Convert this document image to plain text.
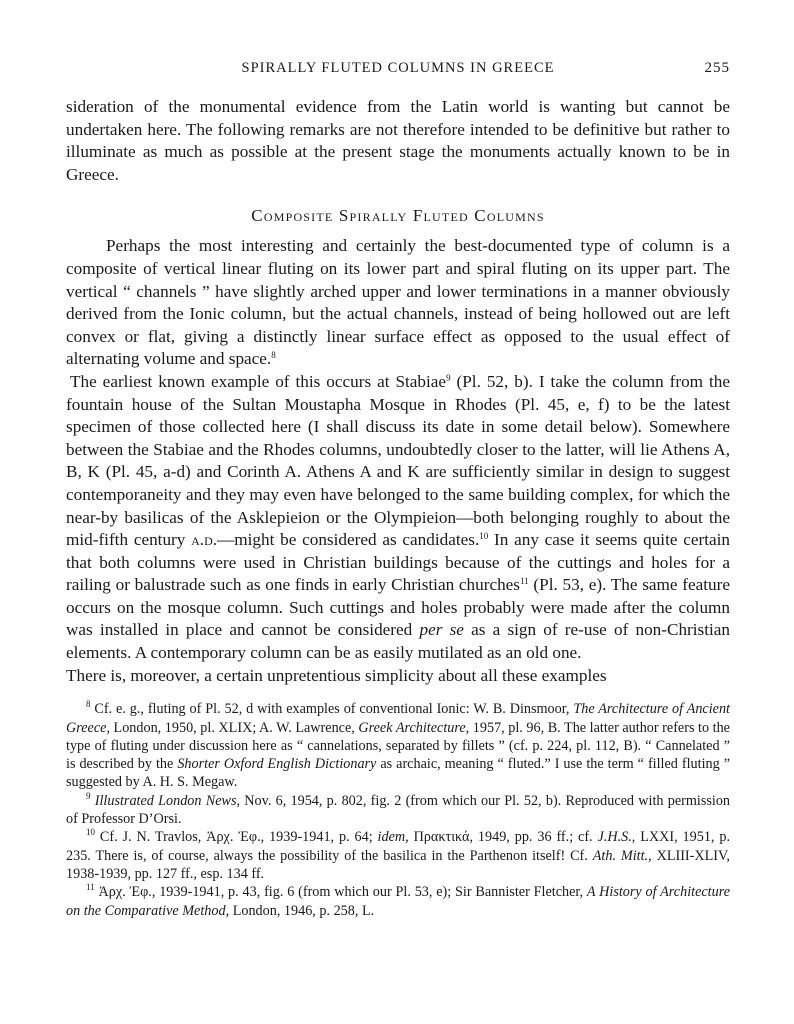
SPIRALLY FLUTED COLUMNS IN GREECE	255

sideration of the monumental evidence from the Latin world is wanting but cannot be undertaken here. The following remarks are not therefore intended to be definitive but rather to illuminate as much as possible at the present stage the monuments actually known to be in Greece.

Composite Spirally Fluted Columns

Perhaps the most interesting and certainly the best-documented type of column is a composite of vertical linear fluting on its lower part and spiral fluting on its upper part. The vertical “ channels ” have slightly arched upper and lower terminations in a manner obviously derived from the Ionic column, but the actual channels, instead of being hollowed out are left convex or flat, giving a distinctly linear surface effect as opposed to the usual effect of alternating volume and space.$^8$

The earliest known example of this occurs at Stabiae$^9$ (Pl. 52, b). I take the column from the fountain house of the Sultan Moustapha Mosque in Rhodes (Pl. 45, e, f) to be the latest specimen of those collected here (I shall discuss its date in some detail below). Somewhere between the Stabiae and the Rhodes columns, undoubtedly closer to the latter, will lie Athens A, B, K (Pl. 45, a-d) and Corinth A. Athens A and K are sufficiently similar in design to suggest contemporaneity and they may even have belonged to the same building complex, for which the near-by basilicas of the Asklepieion or the Olympieion—both belonging roughly to about the mid-fifth century a.d.—might be considered as candidates.$^{10}$ In any case it seems quite certain that both columns were used in Christian buildings because of the cuttings and holes for a railing or balustrade such as one finds in early Christian churches$^{11}$ (Pl. 53, e). The same feature occurs on the mosque column. Such cuttings and holes probably were made after the column was installed in place and cannot be considered per se as a sign of re-use of non-Christian elements. A contemporary column can be as easily mutilated as an old one.

There is, moreover, a certain unpretentious simplicity about all these examples

$^8$ Cf. e. g., fluting of Pl. 52, d with examples of conventional Ionic: W. B. Dinsmoor, The Architecture of Ancient Greece, London, 1950, pl. XLIX; A. W. Lawrence, Greek Architecture, 1957, pl. 96, B. The latter author refers to the type of fluting under discussion here as “ cannelations, separated by fillets ” (cf. p. 224, pl. 112, B). “ Cannelated ” is described by the Shorter Oxford English Dictionary as archaic, meaning “ fluted.” I use the term “ filled fluting ” suggested by A. H. S. Megaw.

$^9$ Illustrated London News, Nov. 6, 1954, p. 802, fig. 2 (from which our Pl. 52, b). Reproduced with permission of Professor D’Orsi.

$^{10}$ Cf. J. N. Travlos, Ἀρχ. Ἐφ., 1939-1941, p. 64; idem, Πρακτικά, 1949, pp. 36 ff.; cf. J.H.S., LXXI, 1951, p. 235. There is, of course, always the possibility of the basilica in the Parthenon itself! Cf. Ath. Mitt., XLIII-XLIV, 1938-1939, pp. 127 ff., esp. 134 ff.

$^{11}$ Ἀρχ. Ἐφ., 1939-1941, p. 43, fig. 6 (from which our Pl. 53, e); Sir Bannister Fletcher, A History of Architecture on the Comparative Method, London, 1946, p. 258, L.
